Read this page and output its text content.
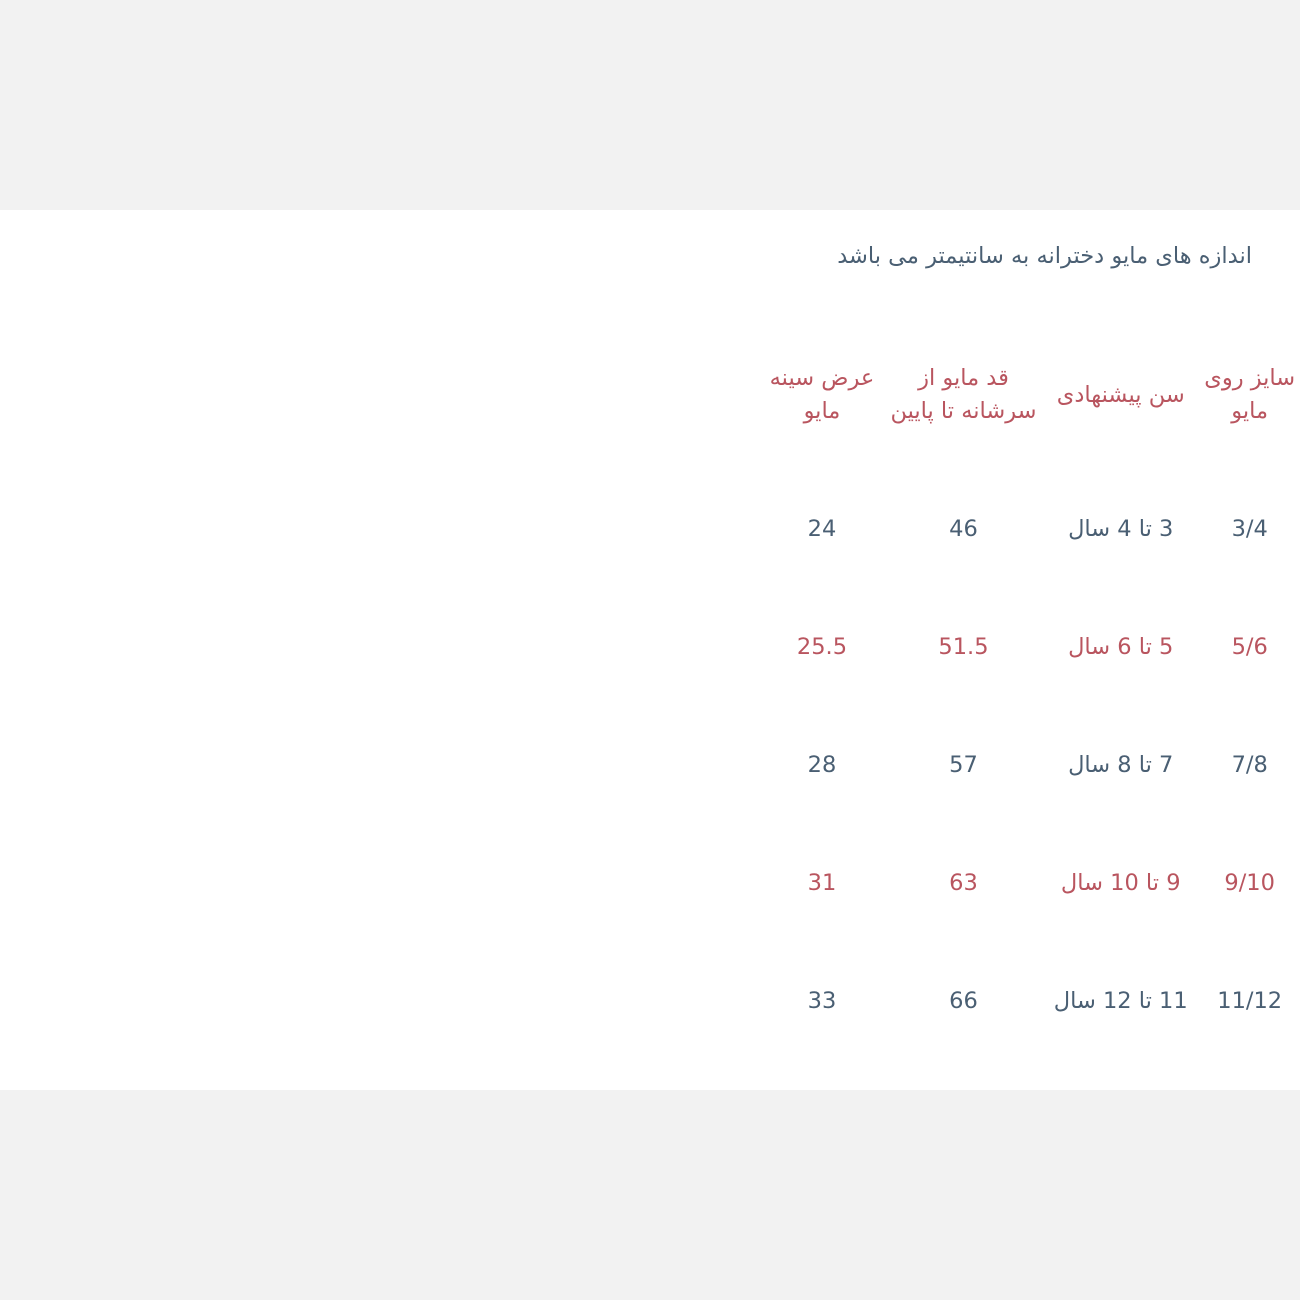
اندازه های مایو دخترانه به سانتیمتر می باشد
سایز روی مایو	سن پیشنهادی	قد مایو از سرشانه تا پایین	عرض سینه مایو	
3/4	3 تا 4 سال	46	24	
5/6	5 تا 6 سال	51.5	25.5	
7/8	7 تا 8 سال	57	28	
9/10	9 تا 10 سال	63	31	
11/12	11 تا 12 سال	66	33	
